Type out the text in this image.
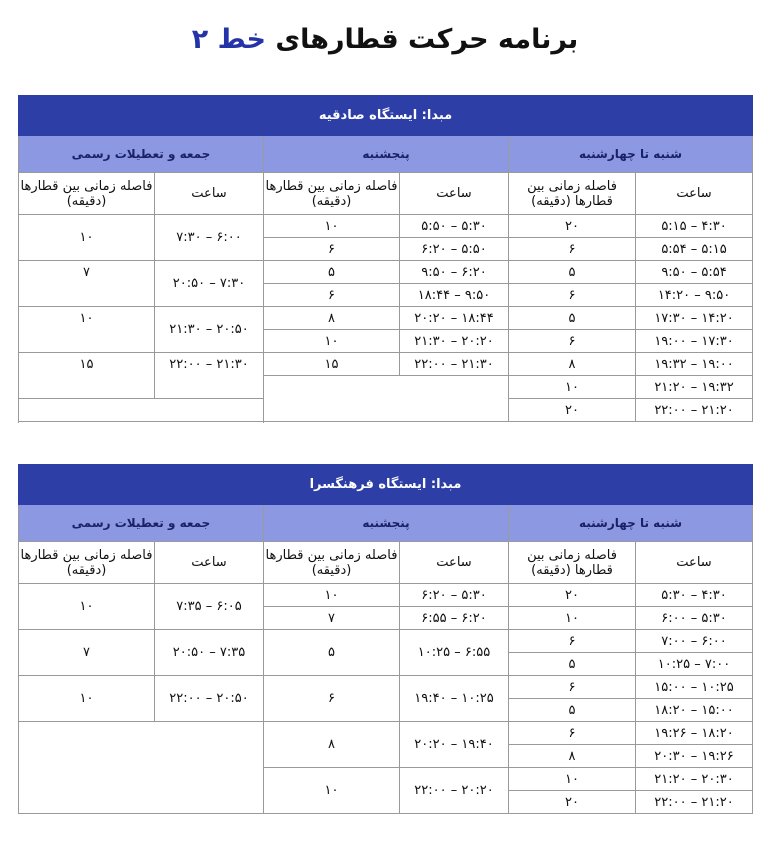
برنامه حرکت قطارهای خط ۲
مبدا: ایستگاه صادقیه					
جمعه و تعطیلات رسمی		پنجشنبه		شنبه تا چهارشنبه	
فاصله زمانی بین قطارها (دقیقه)	ساعت	فاصله زمانی بین قطارها (دقیقه)	ساعت	فاصله زمانی بین قطارها (دقیقه)	ساعت
۱۰	۶:۰۰ – ۷:۳۰	۱۰	۵:۳۰ – ۵:۵۰	۲۰	۴:۳۰ – ۵:۱۵
		۶	۵:۵۰ – ۶:۲۰	۶	۵:۱۵ – ۵:۵۴
۷	۷:۳۰ – ۲۰:۵۰	۵	۶:۲۰ – ۹:۵۰	۵	۵:۵۴ – ۹:۵۰
		۶	۹:۵۰ – ۱۸:۴۴	۶	۹:۵۰ – ۱۴:۲۰
۱۰	۲۰:۵۰ – ۲۱:۳۰	۸	۱۸:۴۴ – ۲۰:۲۰	۵	۱۴:۲۰ – ۱۷:۳۰
		۱۰	۲۰:۲۰ – ۲۱:۳۰	۶	۱۷:۳۰ – ۱۹:۰۰
۱۵	۲۱:۳۰ – ۲۲:۰۰	۱۵	۲۱:۳۰ – ۲۲:۰۰	۸	۱۹:۰۰ – ۱۹:۳۲
				۱۰	۱۹:۳۲ – ۲۱:۲۰
				۲۰	۲۱:۲۰ – ۲۲:۰۰

مبدا: ایستگاه فرهنگسرا					
جمعه و تعطیلات رسمی		پنجشنبه		شنبه تا چهارشنبه	
فاصله زمانی بین قطارها (دقیقه)	ساعت	فاصله زمانی بین قطارها (دقیقه)	ساعت	فاصله زمانی بین قطارها (دقیقه)	ساعت
۱۰	۶:۰۵ – ۷:۳۵	۱۰	۵:۳۰ – ۶:۲۰	۲۰	۴:۳۰ – ۵:۳۰
		۷	۶:۲۰ – ۶:۵۵	۱۰	۵:۳۰ – ۶:۰۰
۷	۷:۳۵ – ۲۰:۵۰	۵	۶:۵۵ – ۱۰:۲۵	۶	۶:۰۰ – ۷:۰۰
				۵	۷:۰۰ – ۱۰:۲۵
۱۰	۲۰:۵۰ – ۲۲:۰۰	۶	۱۰:۲۵ – ۱۹:۴۰	۶	۱۰:۲۵ – ۱۵:۰۰
				۵	۱۵:۰۰ – ۱۸:۲۰
		۸	۱۹:۴۰ – ۲۰:۲۰	۶	۱۸:۲۰ – ۱۹:۲۶
				۸	۱۹:۲۶ – ۲۰:۳۰
		۱۰	۲۰:۲۰ – ۲۲:۰۰	۱۰	۲۰:۳۰ – ۲۱:۲۰
				۲۰	۲۱:۲۰ – ۲۲:۰۰
